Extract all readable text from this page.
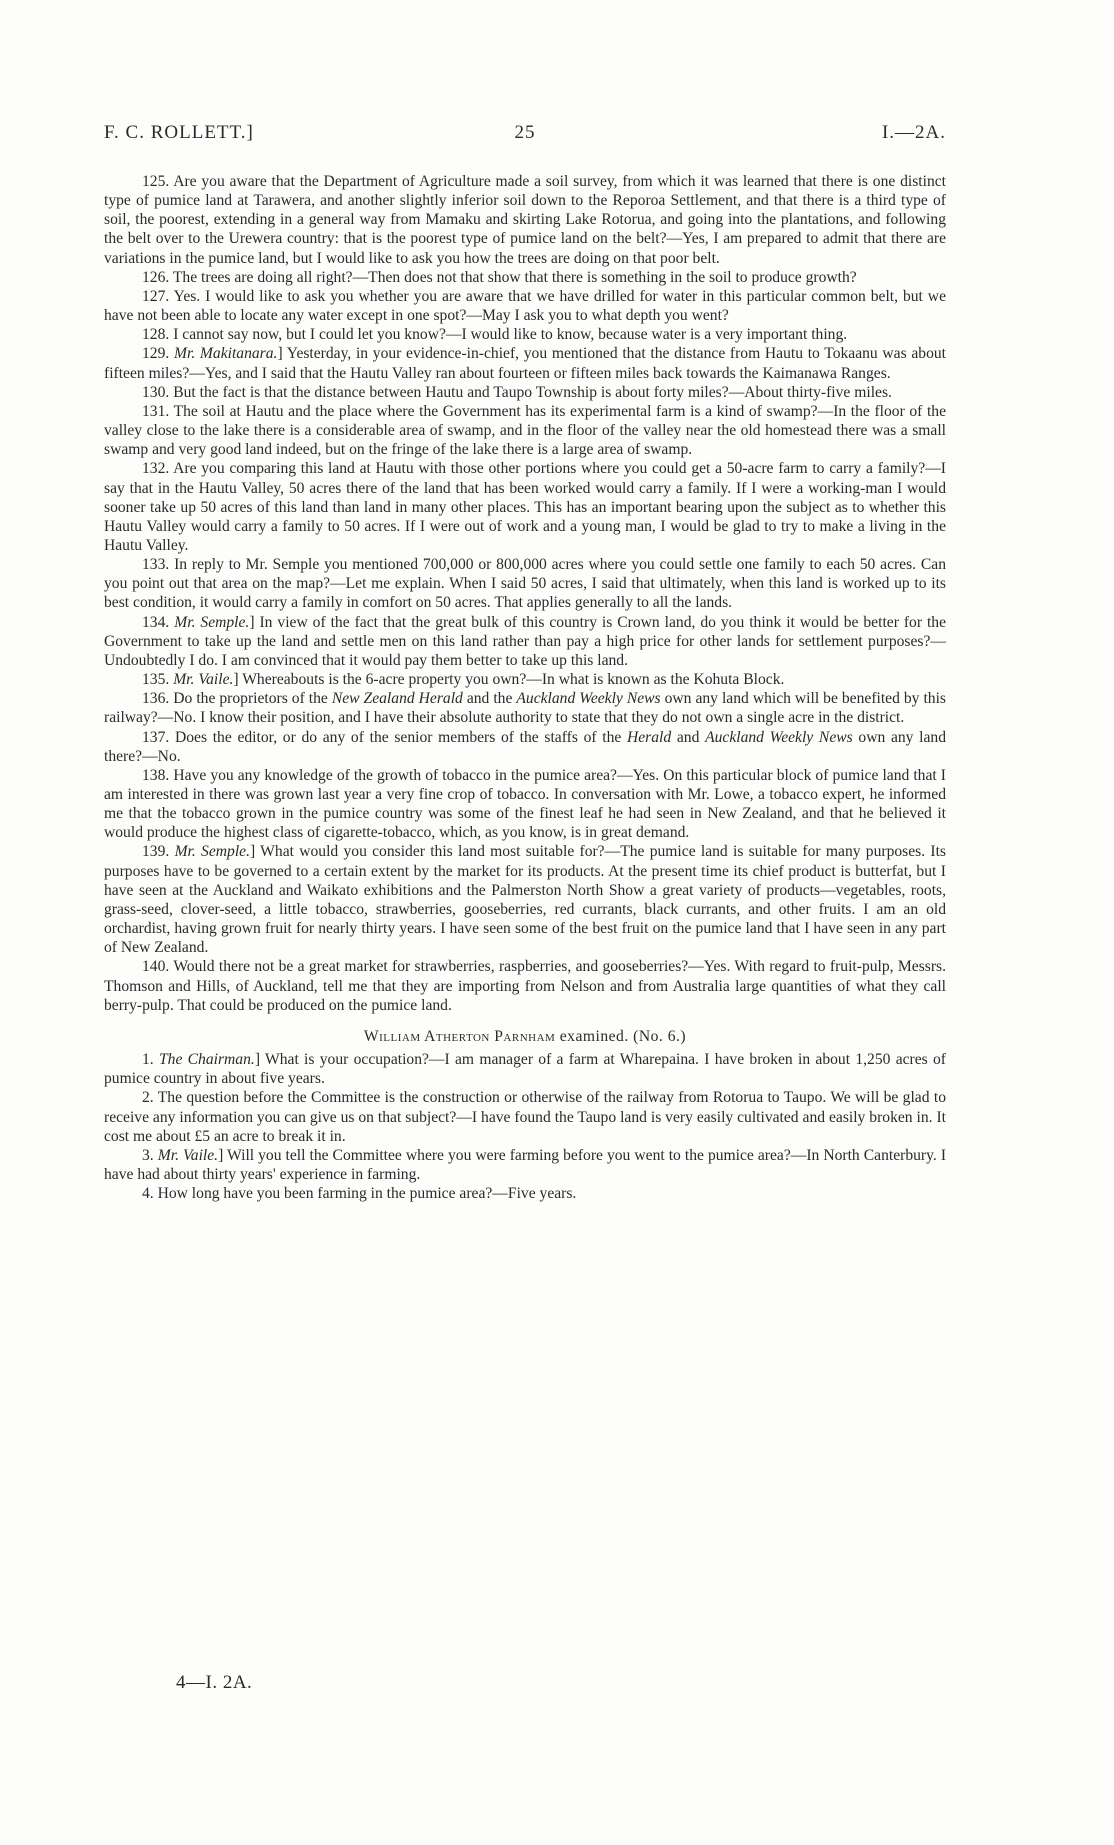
F. C. ROLLETT.]	25	I.—2A.

125. Are you aware that the Department of Agriculture made a soil survey, from which it was learned that there is one distinct type of pumice land at Tarawera, and another slightly inferior soil down to the Reporoa Settlement, and that there is a third type of soil, the poorest, extending in a general way from Mamaku and skirting Lake Rotorua, and going into the plantations, and following the belt over to the Urewera country: that is the poorest type of pumice land on the belt?—Yes, I am prepared to admit that there are variations in the pumice land, but I would like to ask you how the trees are doing on that poor belt.

126. The trees are doing all right?—Then does not that show that there is something in the soil to produce growth?

127. Yes. I would like to ask you whether you are aware that we have drilled for water in this particular common belt, but we have not been able to locate any water except in one spot?—May I ask you to what depth you went?

128. I cannot say now, but I could let you know?—I would like to know, because water is a very important thing.

129. Mr. Makitanara.] Yesterday, in your evidence-in-chief, you mentioned that the distance from Hautu to Tokaanu was about fifteen miles?—Yes, and I said that the Hautu Valley ran about fourteen or fifteen miles back towards the Kaimanawa Ranges.

130. But the fact is that the distance between Hautu and Taupo Township is about forty miles?—About thirty-five miles.

131. The soil at Hautu and the place where the Government has its experimental farm is a kind of swamp?—In the floor of the valley close to the lake there is a considerable area of swamp, and in the floor of the valley near the old homestead there was a small swamp and very good land indeed, but on the fringe of the lake there is a large area of swamp.

132. Are you comparing this land at Hautu with those other portions where you could get a 50-acre farm to carry a family?—I say that in the Hautu Valley, 50 acres there of the land that has been worked would carry a family. If I were a working-man I would sooner take up 50 acres of this land than land in many other places. This has an important bearing upon the subject as to whether this Hautu Valley would carry a family to 50 acres. If I were out of work and a young man, I would be glad to try to make a living in the Hautu Valley.

133. In reply to Mr. Semple you mentioned 700,000 or 800,000 acres where you could settle one family to each 50 acres. Can you point out that area on the map?—Let me explain. When I said 50 acres, I said that ultimately, when this land is worked up to its best condition, it would carry a family in comfort on 50 acres. That applies generally to all the lands.

134. Mr. Semple.] In view of the fact that the great bulk of this country is Crown land, do you think it would be better for the Government to take up the land and settle men on this land rather than pay a high price for other lands for settlement purposes?—Undoubtedly I do. I am convinced that it would pay them better to take up this land.

135. Mr. Vaile.] Whereabouts is the 6-acre property you own?—In what is known as the Kohuta Block.

136. Do the proprietors of the New Zealand Herald and the Auckland Weekly News own any land which will be benefited by this railway?—No. I know their position, and I have their absolute authority to state that they do not own a single acre in the district.

137. Does the editor, or do any of the senior members of the staffs of the Herald and Auckland Weekly News own any land there?—No.

138. Have you any knowledge of the growth of tobacco in the pumice area?—Yes. On this particular block of pumice land that I am interested in there was grown last year a very fine crop of tobacco. In conversation with Mr. Lowe, a tobacco expert, he informed me that the tobacco grown in the pumice country was some of the finest leaf he had seen in New Zealand, and that he believed it would produce the highest class of cigarette-tobacco, which, as you know, is in great demand.

139. Mr. Semple.] What would you consider this land most suitable for?—The pumice land is suitable for many purposes. Its purposes have to be governed to a certain extent by the market for its products. At the present time its chief product is butterfat, but I have seen at the Auckland and Waikato exhibitions and the Palmerston North Show a great variety of products—vegetables, roots, grass-seed, clover-seed, a little tobacco, strawberries, gooseberries, red currants, black currants, and other fruits. I am an old orchardist, having grown fruit for nearly thirty years. I have seen some of the best fruit on the pumice land that I have seen in any part of New Zealand.

140. Would there not be a great market for strawberries, raspberries, and gooseberries?—Yes. With regard to fruit-pulp, Messrs. Thomson and Hills, of Auckland, tell me that they are importing from Nelson and from Australia large quantities of what they call berry-pulp. That could be produced on the pumice land.

William Atherton Parnham examined. (No. 6.)

1. The Chairman.] What is your occupation?—I am manager of a farm at Wharepaina. I have broken in about 1,250 acres of pumice country in about five years.

2. The question before the Committee is the construction or otherwise of the railway from Rotorua to Taupo. We will be glad to receive any information you can give us on that subject?—I have found the Taupo land is very easily cultivated and easily broken in. It cost me about £5 an acre to break it in.

3. Mr. Vaile.] Will you tell the Committee where you were farming before you went to the pumice area?—In North Canterbury. I have had about thirty years' experience in farming.

4. How long have you been farming in the pumice area?—Five years.

4—I. 2A.
